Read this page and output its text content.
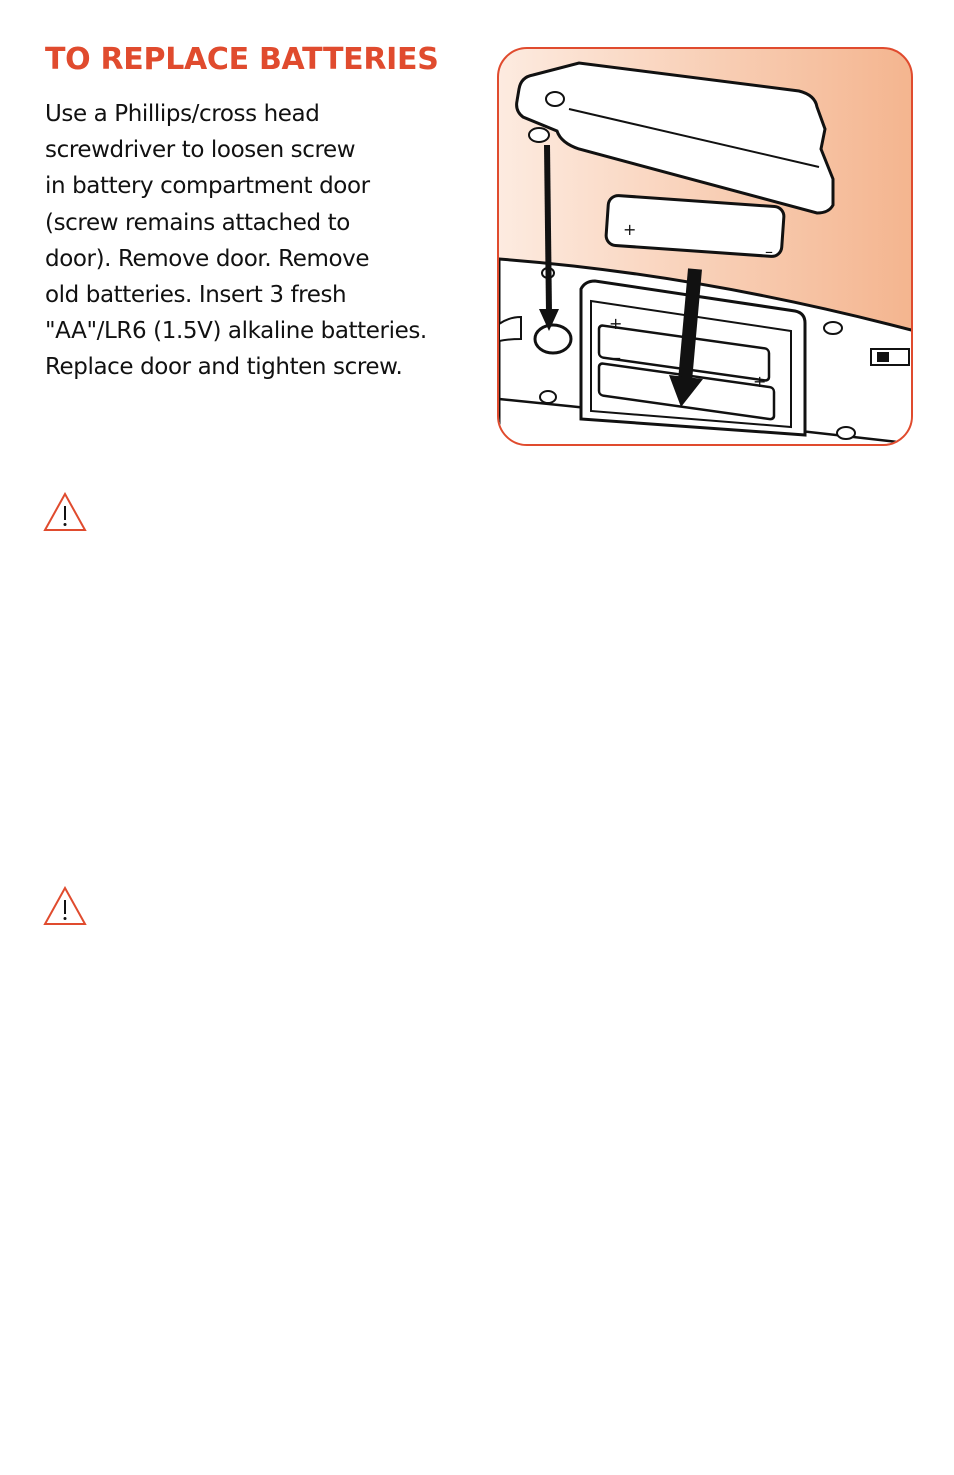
TO REPLACE BATTERIES

Use a Phillips/cross head
screwdriver to loosen screw
in battery compartment door
(screw remains attached to
door). Remove door. Remove
old batteries. Insert 3 fresh
"AA"/LR6 (1.5V) alkaline batteries.
Replace door and tighten screw.

+
–
–
+
+
–
